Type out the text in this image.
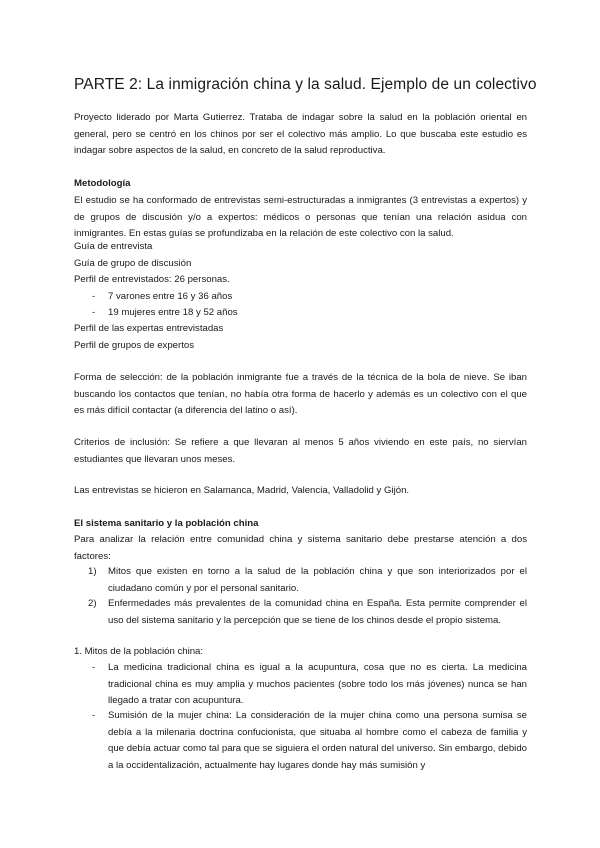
PARTE 2: La inmigración china y la salud. Ejemplo de un colectivo
Proyecto liderado por Marta Gutierrez. Trataba de indagar sobre la salud en la población oriental en general, pero se centró en los chinos por ser el colectivo más amplio. Lo que buscaba este estudio es indagar sobre aspectos de la salud, en concreto de la salud reproductiva.
Metodología
El estudio se ha conformado de entrevistas semi-estructuradas a inmigrantes (3 entrevistas a expertos) y de grupos de discusión y/o a expertos: médicos o personas que tenían una relación asidua con inmigrantes. En estas guías se profundizaba en la relación de este colectivo con la salud.
Guía de entrevista
Guía de grupo de discusión
Perfil de entrevistados: 26 personas.
- 7 varones entre 16 y 36 años
- 19 mujeres entre 18 y 52 años
Perfil de las expertas entrevistadas
Perfil de grupos de expertos
Forma de selección: de la población inmigrante fue a través de la técnica de la bola de nieve. Se iban buscando los contactos que tenían, no había otra forma de hacerlo y además es un colectivo con el que es más difícil contactar (a diferencia del latino o así).
Criterios de inclusión: Se refiere a que llevaran al menos 5 años viviendo en este país, no siervían estudiantes que llevaran unos meses.
Las entrevistas se hicieron en Salamanca, Madrid, Valencia, Valladolid y Gijón.
El sistema sanitario y la población china
Para analizar la relación entre comunidad china y sistema sanitario debe prestarse atención a dos factores:
1) Mitos que existen en torno a la salud de la población china y que son interiorizados por el ciudadano común y por el personal sanitario.
2) Enfermedades más prevalentes de la comunidad china en España. Esta permite comprender el uso del sistema sanitario y la percepción que se tiene de los chinos desde el propio sistema.
1. Mitos de la población china:
- La medicina tradicional china es igual a la acupuntura, cosa que no es cierta. La medicina tradicional china es muy amplia y muchos pacientes (sobre todo los más jóvenes) nunca se han llegado a tratar con acupuntura.
- Sumisión de la mujer china: La consideración de la mujer china como una persona sumisa se debía a la milenaria doctrina confucionista, que situaba al hombre como el cabeza de familia y que debía actuar como tal para que se siguiera el orden natural del universo. Sin embargo, debido a la occidentalización, actualmente hay lugares donde hay más sumisión y
